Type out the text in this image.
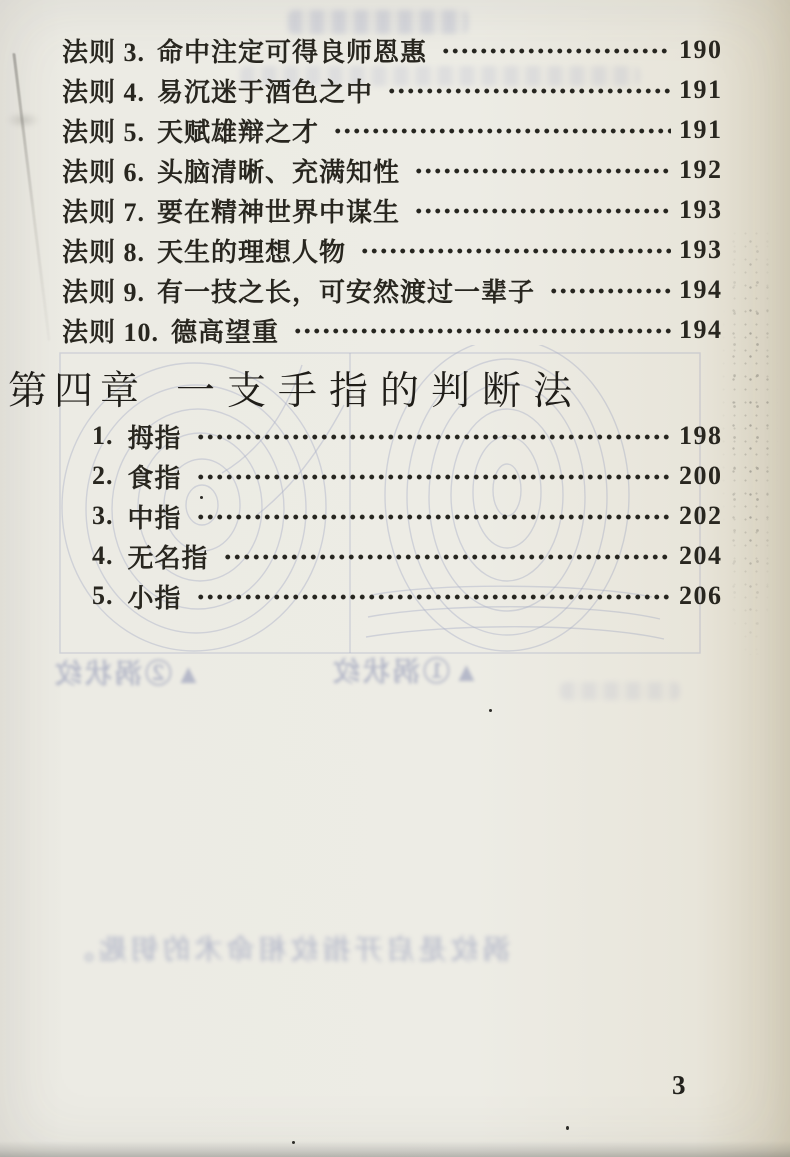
▲②涡状纹	▲①涡状纹
涡纹是启开指纹相命术的钥匙。
法则 3. 命中注定可得良师恩惠	190
法则 4. 易沉迷于酒色之中	191
法则 5. 天赋雄辩之才	191
法则 6. 头脑清晰、充满知性	192
法则 7. 要在精神世界中谋生	193
法则 8. 天生的理想人物	193
法则 9. 有一技之长，可安然渡过一辈子	194
法则 10. 德高望重	194
第四章 一支手指的判断法
1. 拇指	198
2. 食指	200
3. 中指	202
4. 无名指	204
5. 小指	206
3
